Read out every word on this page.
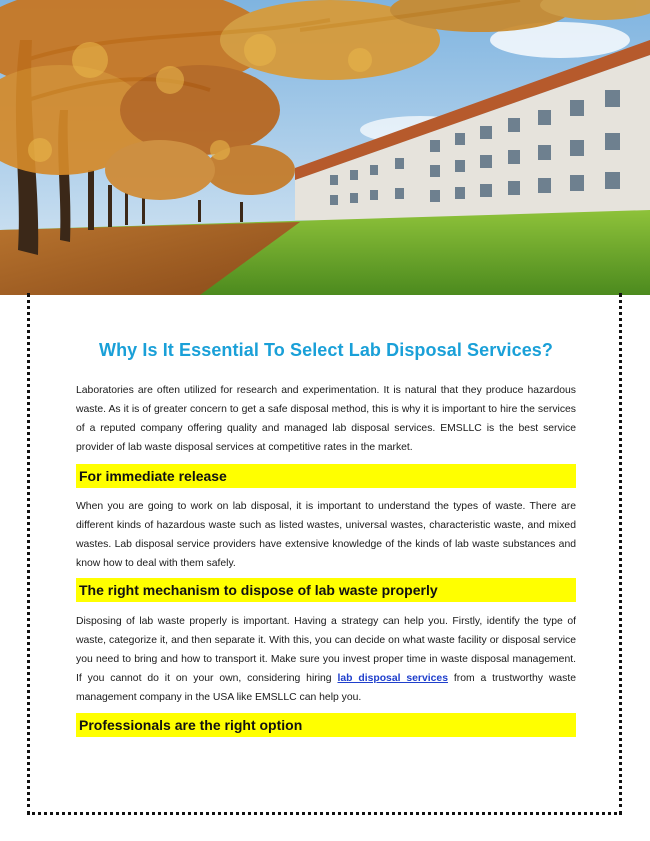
Why Is It Essential To Select Lab Disposal Services?

Laboratories are often utilized for research and experimentation. It is natural that they produce hazardous waste. As it is of greater concern to get a safe disposal method, this is why it is important to hire the services of a reputed company offering quality and managed lab disposal services. EMSLLC is the best service provider of lab waste disposal services at competitive rates in the market.

For immediate release

When you are going to work on lab disposal, it is important to understand the types of waste. There are different kinds of hazardous waste such as listed wastes, universal wastes, characteristic waste, and mixed wastes. Lab disposal service providers have extensive knowledge of the kinds of lab waste substances and know how to deal with them safely.

The right mechanism to dispose of lab waste properly

Disposing of lab waste properly is important. Having a strategy can help you. Firstly, identify the type of waste, categorize it, and then separate it. With this, you can decide on what waste facility or disposal service you need to bring and how to transport it. Make sure you invest proper time in waste disposal management. If you cannot do it on your own, considering hiring lab disposal services from a trustworthy waste management company in the USA like EMSLLC can help you.

Professionals are the right option
